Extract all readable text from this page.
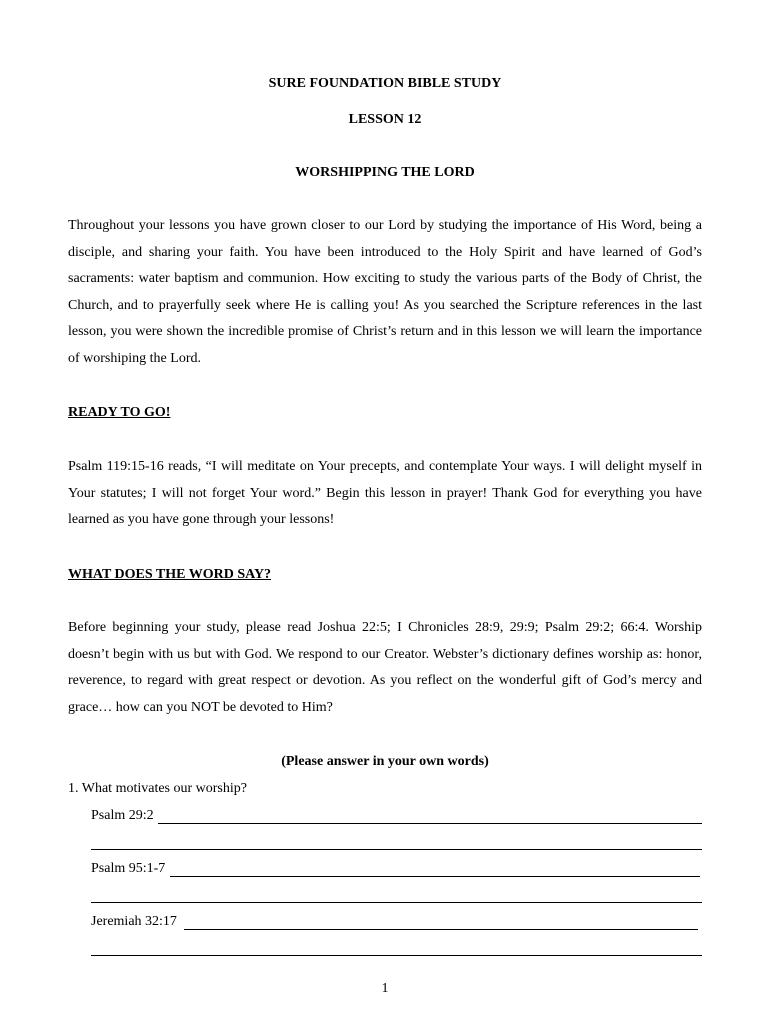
SURE FOUNDATION BIBLE STUDY
LESSON 12
WORSHIPPING THE LORD
Throughout your lessons you have grown closer to our Lord by studying the importance of His Word, being a disciple, and sharing your faith. You have been introduced to the Holy Spirit and have learned of God’s sacraments: water baptism and communion. How exciting to study the various parts of the Body of Christ, the Church, and to prayerfully seek where He is calling you! As you searched the Scripture references in the last lesson, you were shown the incredible promise of Christ’s return and in this lesson we will learn the importance of worshiping the Lord.
READY TO GO!
Psalm 119:15-16 reads, “I will meditate on Your precepts, and contemplate Your ways. I will delight myself in Your statutes; I will not forget Your word.” Begin this lesson in prayer! Thank God for everything you have learned as you have gone through your lessons!
WHAT DOES THE WORD SAY?
Before beginning your study, please read Joshua 22:5; I Chronicles 28:9, 29:9; Psalm 29:2; 66:4. Worship doesn’t begin with us but with God. We respond to our Creator. Webster’s dictionary defines worship as: honor, reverence, to regard with great respect or devotion. As you reflect on the wonderful gift of God’s mercy and grace… how can you NOT be devoted to Him?
(Please answer in your own words)
1. What motivates our worship?
Psalm 29:2
Psalm 95:1-7
Jeremiah 32:17
1
